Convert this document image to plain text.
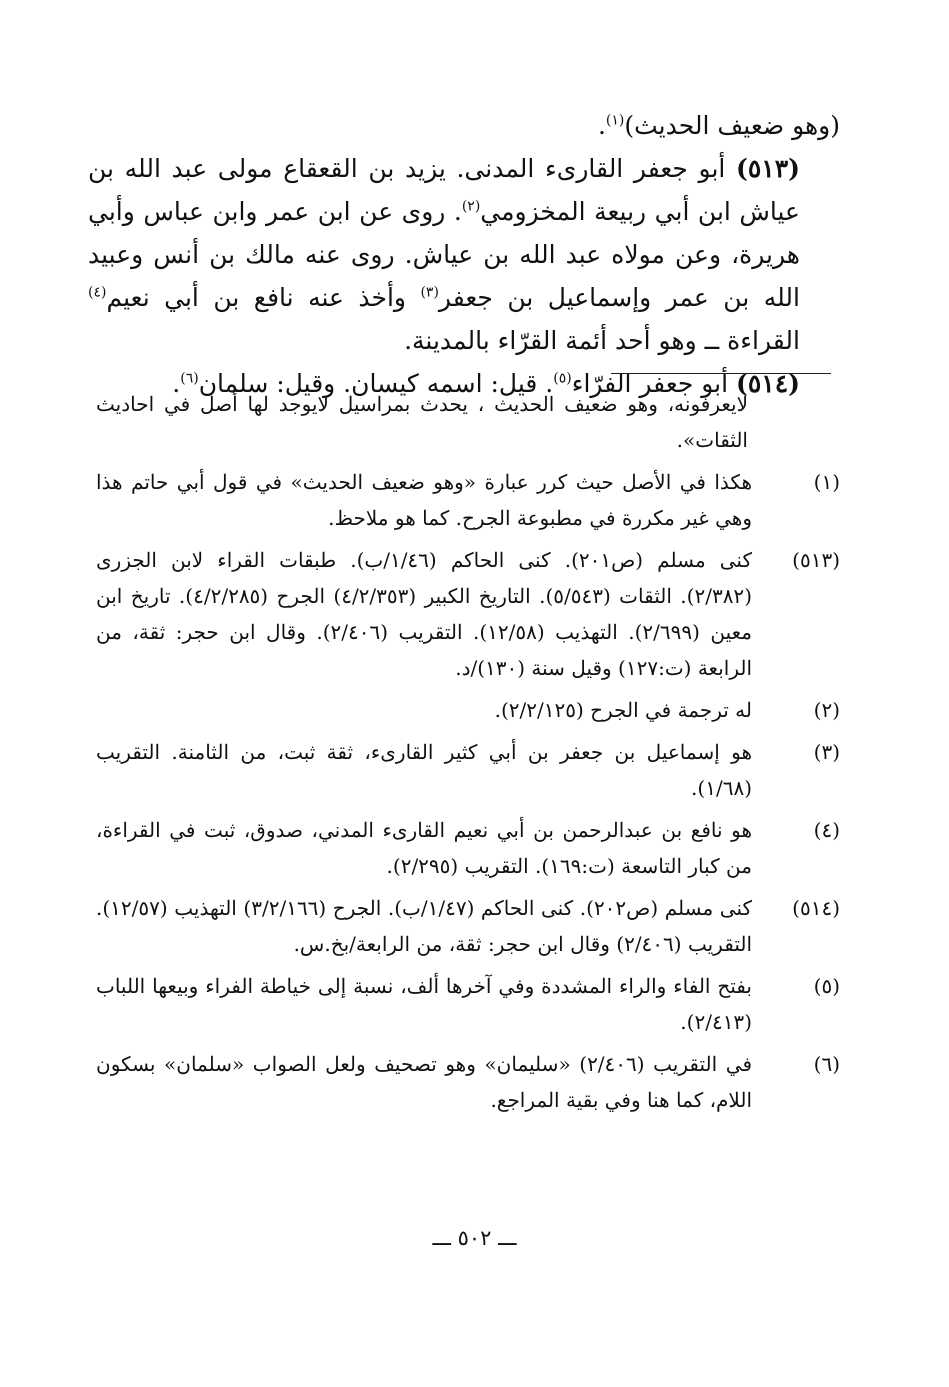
(وهو ضعيف الحديث)$^{(١)}$.

(٥١٣) أبو جعفر القارىء المدنى. يزيد بن القعقاع مولى عبد الله بن عياش ابن أبي ربيعة المخزومي$^{(٢)}$. روى عن ابن عمر وابن عباس وأبي هريرة، وعن مولاه عبد الله بن عياش. روى عنه مالك بن أنس وعبيد الله بن عمر وإسماعيل بن جعفر$^{(٣)}$ وأخذ عنه نافع بن أبي نعيم$^{(٤)}$ القراءة ــ وهو أحد أئمة القرّاء بالمدينة.

(٥١٤) أبو جعفر الفرّاء$^{(٥)}$. قيل: اسمه كيسان. وقيل: سلمان$^{(٦)}$.

لايعرفونه، وهو ضعيف الحديث ، يحدث بمراسيل لايوجد لها أصل في احاديث الثقات».
(١)
هكذا في الأصل حيث كرر عبارة «وهو ضعيف الحديث» في قول أبي حاتم هذا وهي غير مكررة في مطبوعة الجرح. كما هو ملاحظ.
(٥١٣)
كنى مسلم (ص٢٠١). كنى الحاكم (١/٤٦/ب). طبقات القراء لابن الجزرى (٢/٣٨٢). الثقات (٥/٥٤٣). التاريخ الكبير (٤/٢/٣٥٣) الجرح (٤/٢/٢٨٥). تاريخ ابن معين (٢/٦٩٩). التهذيب (١٢/٥٨). التقريب (٢/٤٠٦). وقال ابن حجر: ثقة، من الرابعة (ت:١٢٧) وقيل سنة (١٣٠)/د.
(٢)
له ترجمة في الجرح (٢/٢/١٢٥).
(٣)
هو إسماعيل بن جعفر بن أبي كثير القارىء، ثقة ثبت، من الثامنة. التقريب (١/٦٨).
(٤)
هو نافع بن عبدالرحمن بن أبي نعيم القارىء المدني، صدوق، ثبت في القراءة، من كبار التاسعة (ت:١٦٩). التقريب (٢/٢٩٥).
(٥١٤)
كنى مسلم (ص٢٠٢). كنى الحاكم (١/٤٧/ب). الجرح (٣/٢/١٦٦) التهذيب (١٢/٥٧). التقريب (٢/٤٠٦) وقال ابن حجر: ثقة، من الرابعة/بخ.س.
(٥)
بفتح الفاء والراء المشددة وفي آخرها ألف، نسبة إلى خياطة الفراء وبيعها اللباب (٢/٤١٣).
(٦)
في التقريب (٢/٤٠٦) «سليمان» وهو تصحيف ولعل الصواب «سلمان» بسكون اللام، كما هنا وفي بقية المراجع.
ـــ ٥٠٢ ـــ
